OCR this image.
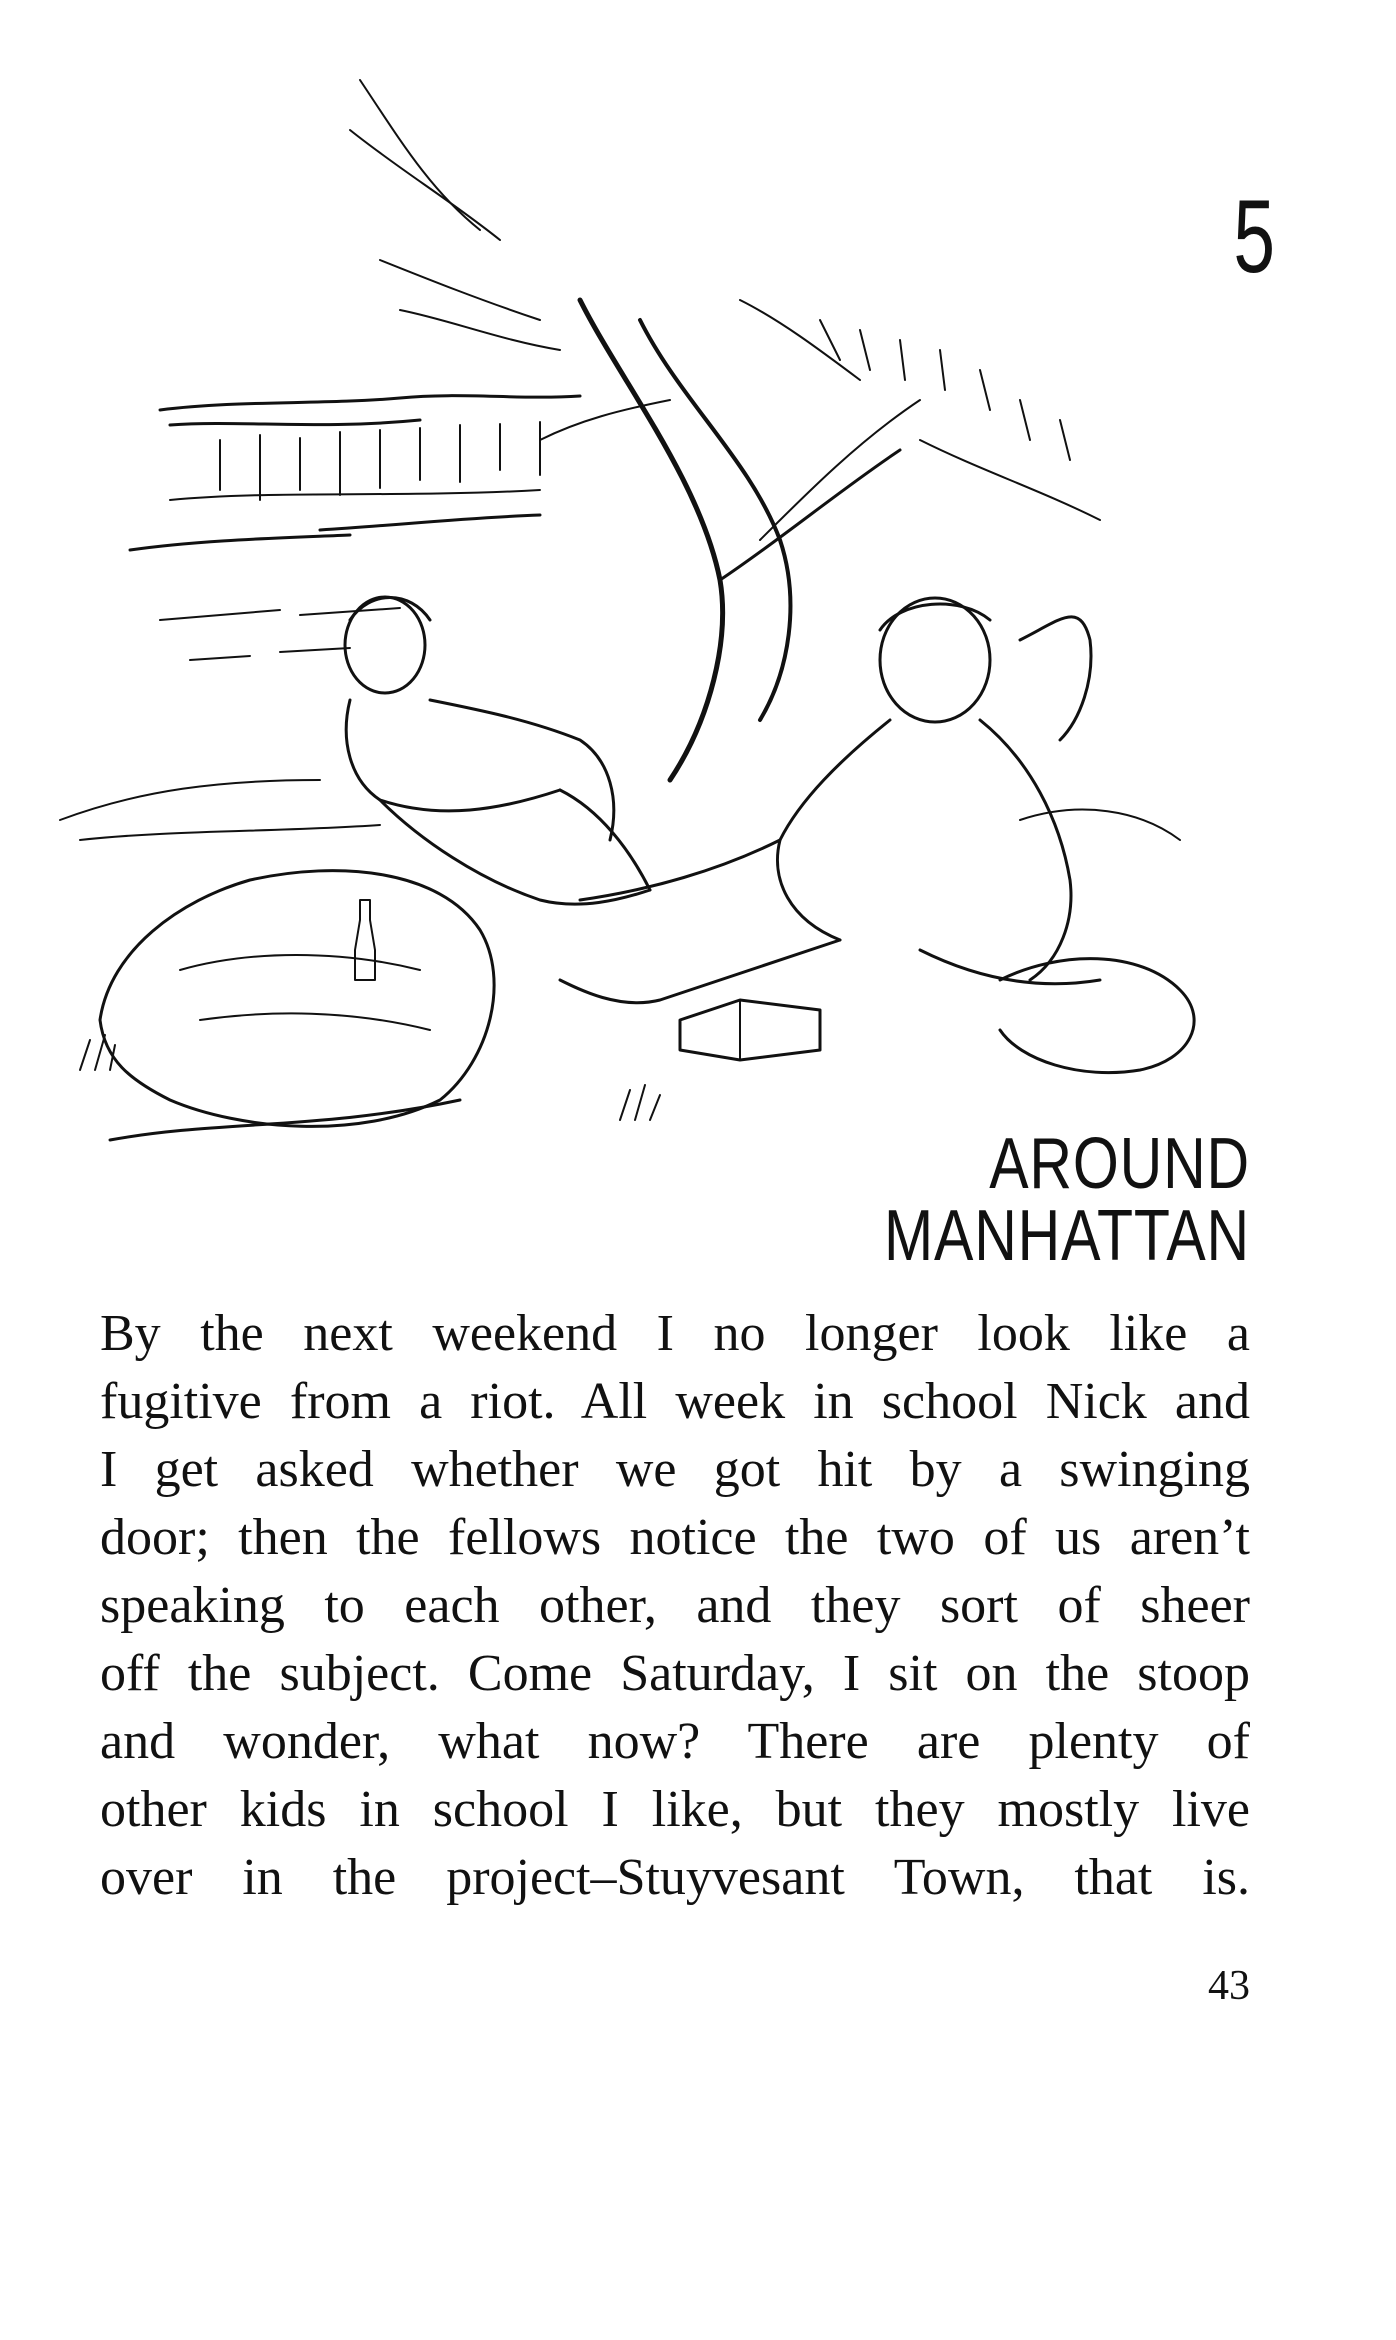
5
AROUND MANHATTAN
By the next weekend I no longer look like a
fugitive from a riot. All week in school Nick and
I get asked whether we got hit by a swinging
door; then the fellows notice the two of us aren’t
speaking to each other, and they sort of sheer
off the subject. Come Saturday, I sit on the stoop
and wonder, what now? There are plenty of
other kids in school I like, but they mostly live
over in the project–Stuyvesant Town, that is.
43
